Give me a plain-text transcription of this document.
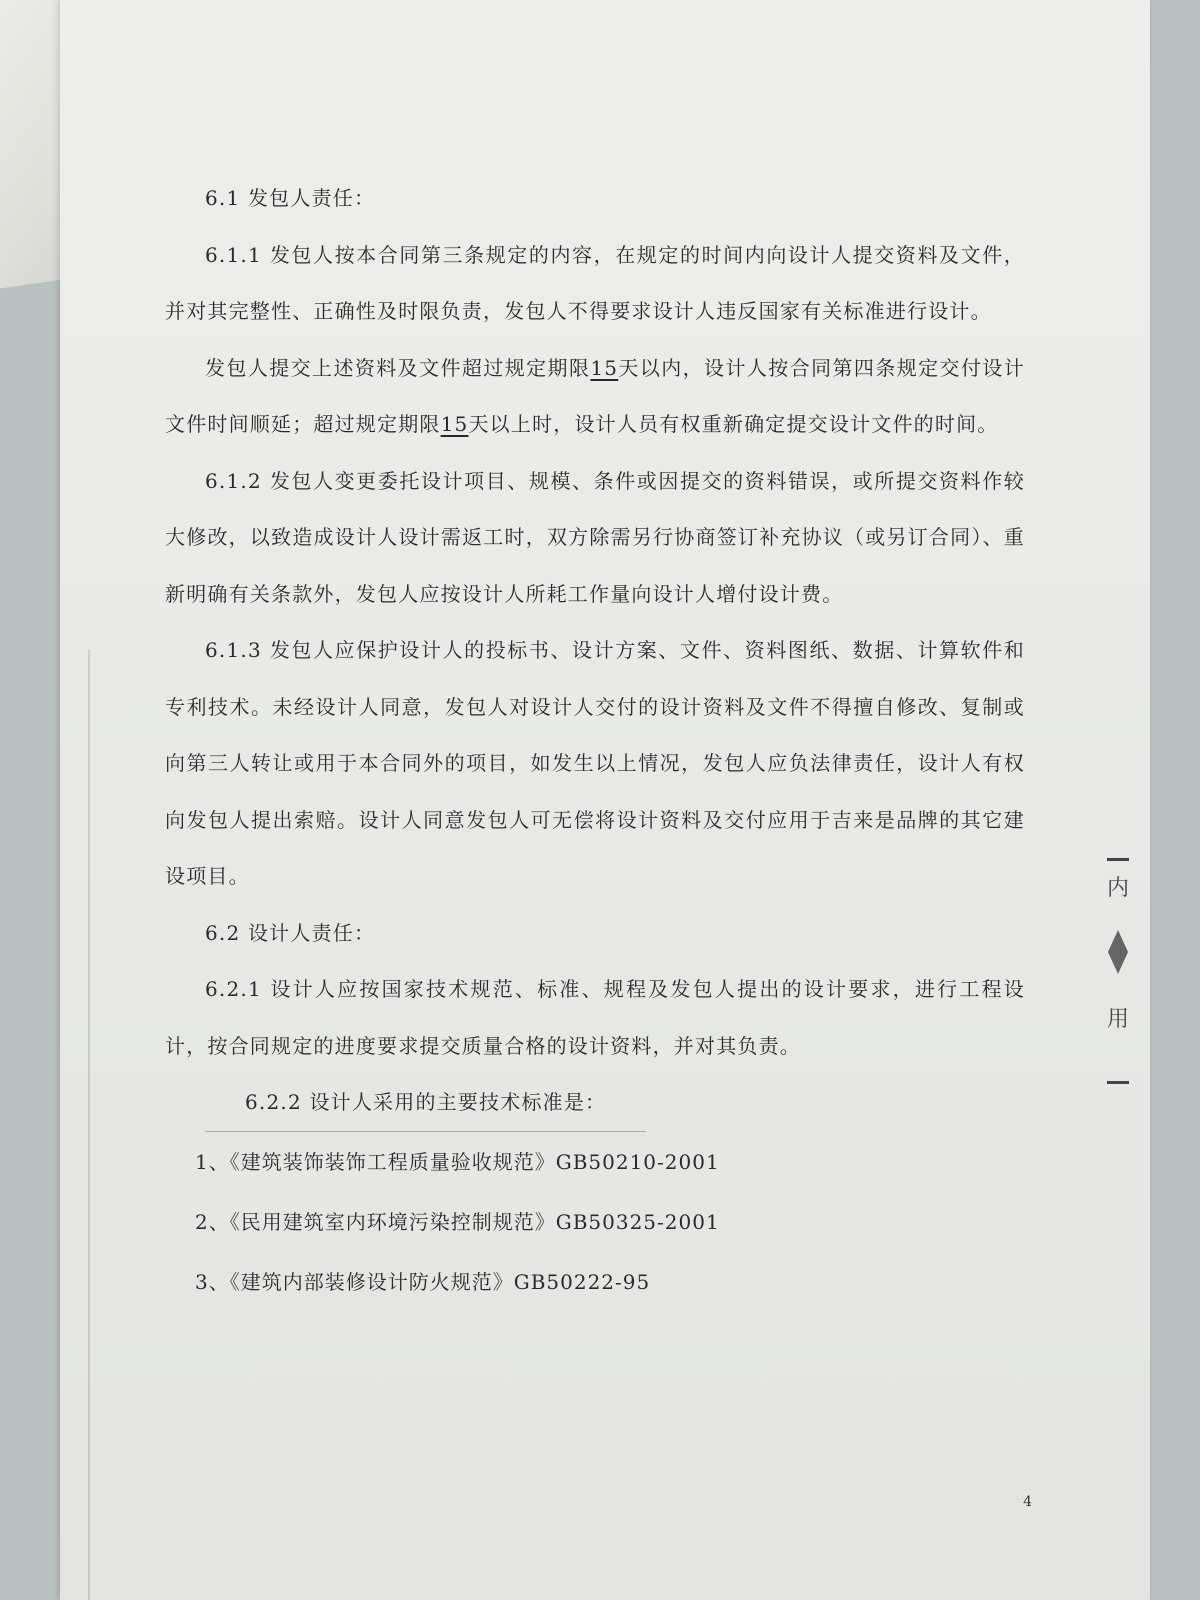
6.1 发包人责任：

6.1.1 发包人按本合同第三条规定的内容，在规定的时间内向设计人提交资料及文件，并对其完整性、正确性及时限负责，发包人不得要求设计人违反国家有关标准进行设计。

发包人提交上述资料及文件超过规定期限15天以内，设计人按合同第四条规定交付设计文件时间顺延；超过规定期限15天以上时，设计人员有权重新确定提交设计文件的时间。

6.1.2 发包人变更委托设计项目、规模、条件或因提交的资料错误，或所提交资料作较大修改，以致造成设计人设计需返工时，双方除需另行协商签订补充协议（或另订合同）、重新明确有关条款外，发包人应按设计人所耗工作量向设计人增付设计费。

6.1.3 发包人应保护设计人的投标书、设计方案、文件、资料图纸、数据、计算软件和专利技术。未经设计人同意，发包人对设计人交付的设计资料及文件不得擅自修改、复制或向第三人转让或用于本合同外的项目，如发生以上情况，发包人应负法律责任，设计人有权向发包人提出索赔。设计人同意发包人可无偿将设计资料及交付应用于吉来是品牌的其它建设项目。

6.2 设计人责任：

6.2.1 设计人应按国家技术规范、标准、规程及发包人提出的设计要求，进行工程设计，按合同规定的进度要求提交质量合格的设计资料，并对其负责。

6.2.2 设计人采用的主要技术标准是：

1、《建筑装饰装饰工程质量验收规范》GB50210-2001
2、《民用建筑室内环境污染控制规范》GB50325-2001
3、《建筑内部装修设计防火规范》GB50222-95
4
内
用
